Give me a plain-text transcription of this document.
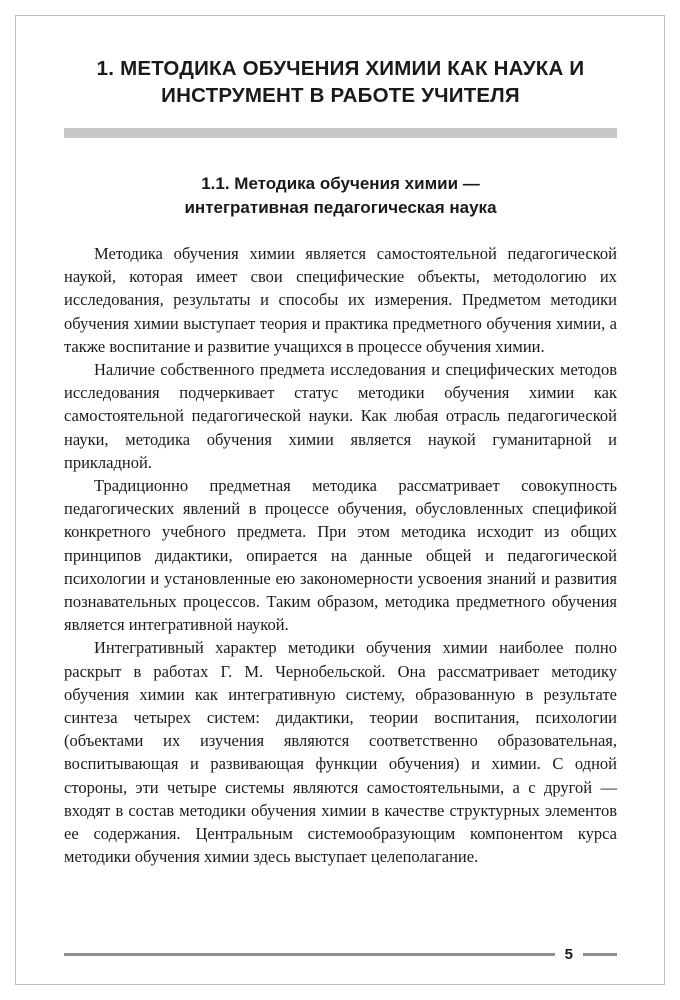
1. МЕТОДИКА ОБУЧЕНИЯ ХИМИИ КАК НАУКА И ИНСТРУМЕНТ В РАБОТЕ УЧИТЕЛЯ
1.1. Методика обучения химии — интегративная педагогическая наука

Методика обучения химии является самостоятельной педагогической наукой, которая имеет свои специфические объекты, методологию их исследования, результаты и способы их измерения. Предметом методики обучения химии выступает теория и практика предметного обучения химии, а также воспитание и развитие учащихся в процессе обучения химии.

Наличие собственного предмета исследования и специфических методов исследования подчеркивает статус методики обучения химии как самостоятельной педагогической науки. Как любая отрасль педагогической науки, методика обучения химии является наукой гуманитарной и прикладной.

Традиционно предметная методика рассматривает совокупность педагогических явлений в процессе обучения, обусловленных спецификой конкретного учебного предмета. При этом методика исходит из общих принципов дидактики, опирается на данные общей и педагогической психологии и установленные ею закономерности усвоения знаний и развития познавательных процессов. Таким образом, методика предметного обучения является интегративной наукой.

Интегративный характер методики обучения химии наиболее полно раскрыт в работах Г. М. Чернобельской. Она рассматривает методику обучения химии как интегративную систему, образованную в результате синтеза четырех систем: дидактики, теории воспитания, психологии (объектами их изучения являются соответственно образовательная, воспитывающая и развивающая функции обучения) и химии. С одной стороны, эти четыре системы являются самостоятельными, а с другой — входят в состав методики обучения химии в качестве структурных элементов ее содержания. Центральным системообразующим компонентом курса методики обучения химии здесь выступает целеполагание.

5
